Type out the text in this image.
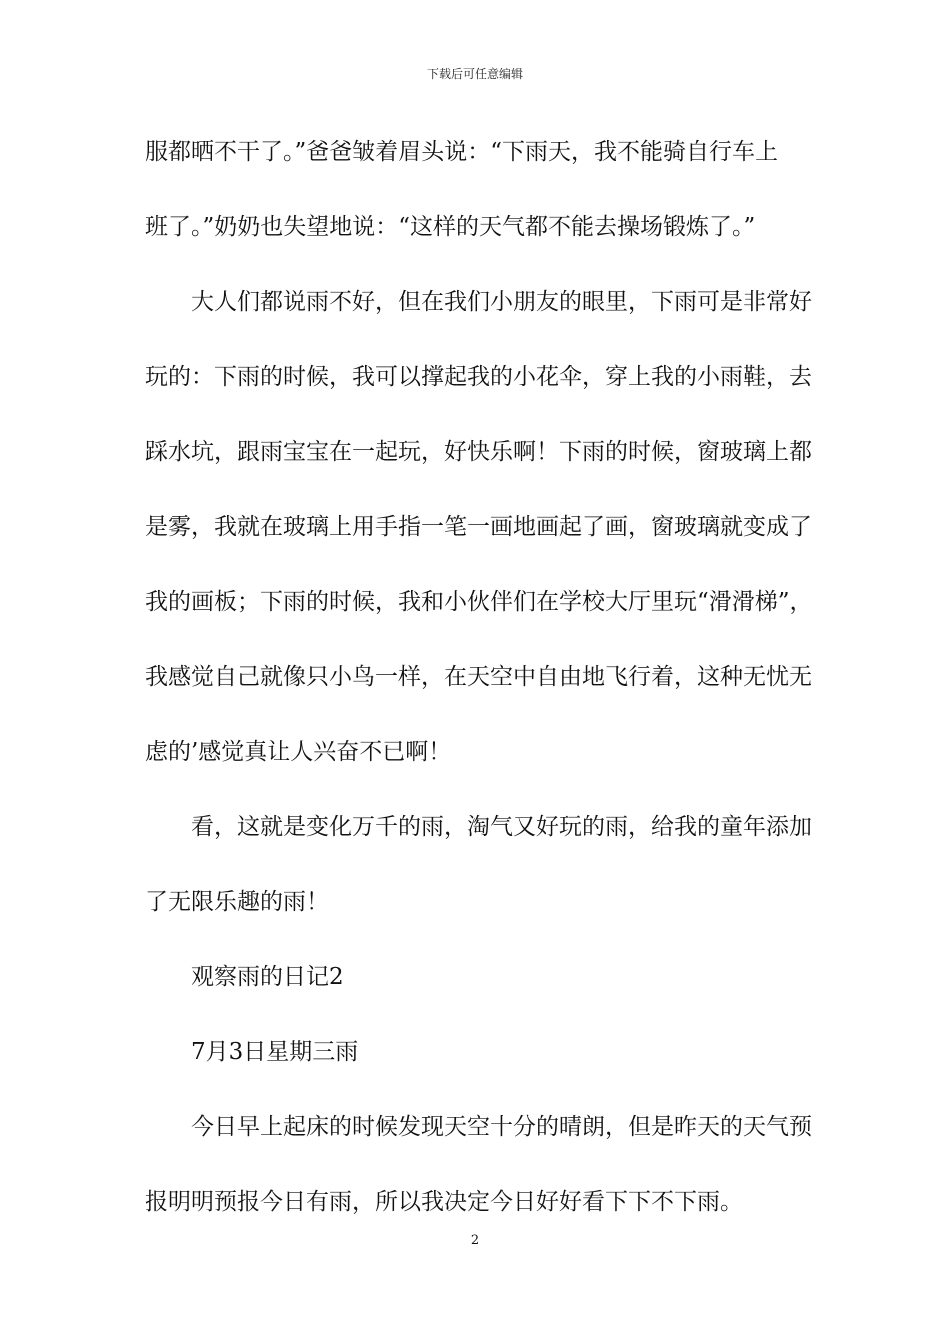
下载后可任意编辑
服都晒不干了。”爸爸皱着眉头说：“下雨天，我不能骑自行车上
班了。”奶奶也失望地说：“这样的天气都不能去操场锻炼了。”
　　大人们都说雨不好，但在我们小朋友的眼里，下雨可是非常好
玩的：下雨的时候，我可以撑起我的小花伞，穿上我的小雨鞋，去
踩水坑，跟雨宝宝在一起玩，好快乐啊！下雨的时候，窗玻璃上都
是雾，我就在玻璃上用手指一笔一画地画起了画，窗玻璃就变成了
我的画板；下雨的时候，我和小伙伴们在学校大厅里玩“滑滑梯”，
我感觉自己就像只小鸟一样，在天空中自由地飞行着，这种无忧无
虑的’感觉真让人兴奋不已啊！
　　看，这就是变化万千的雨，淘气又好玩的雨，给我的童年添加
了无限乐趣的雨！
　　观察雨的日记2
　　7月3日星期三雨
　　今日早上起床的时候发现天空十分的晴朗，但是昨天的天气预
报明明预报今日有雨，所以我决定今日好好看下下不下雨。
2
